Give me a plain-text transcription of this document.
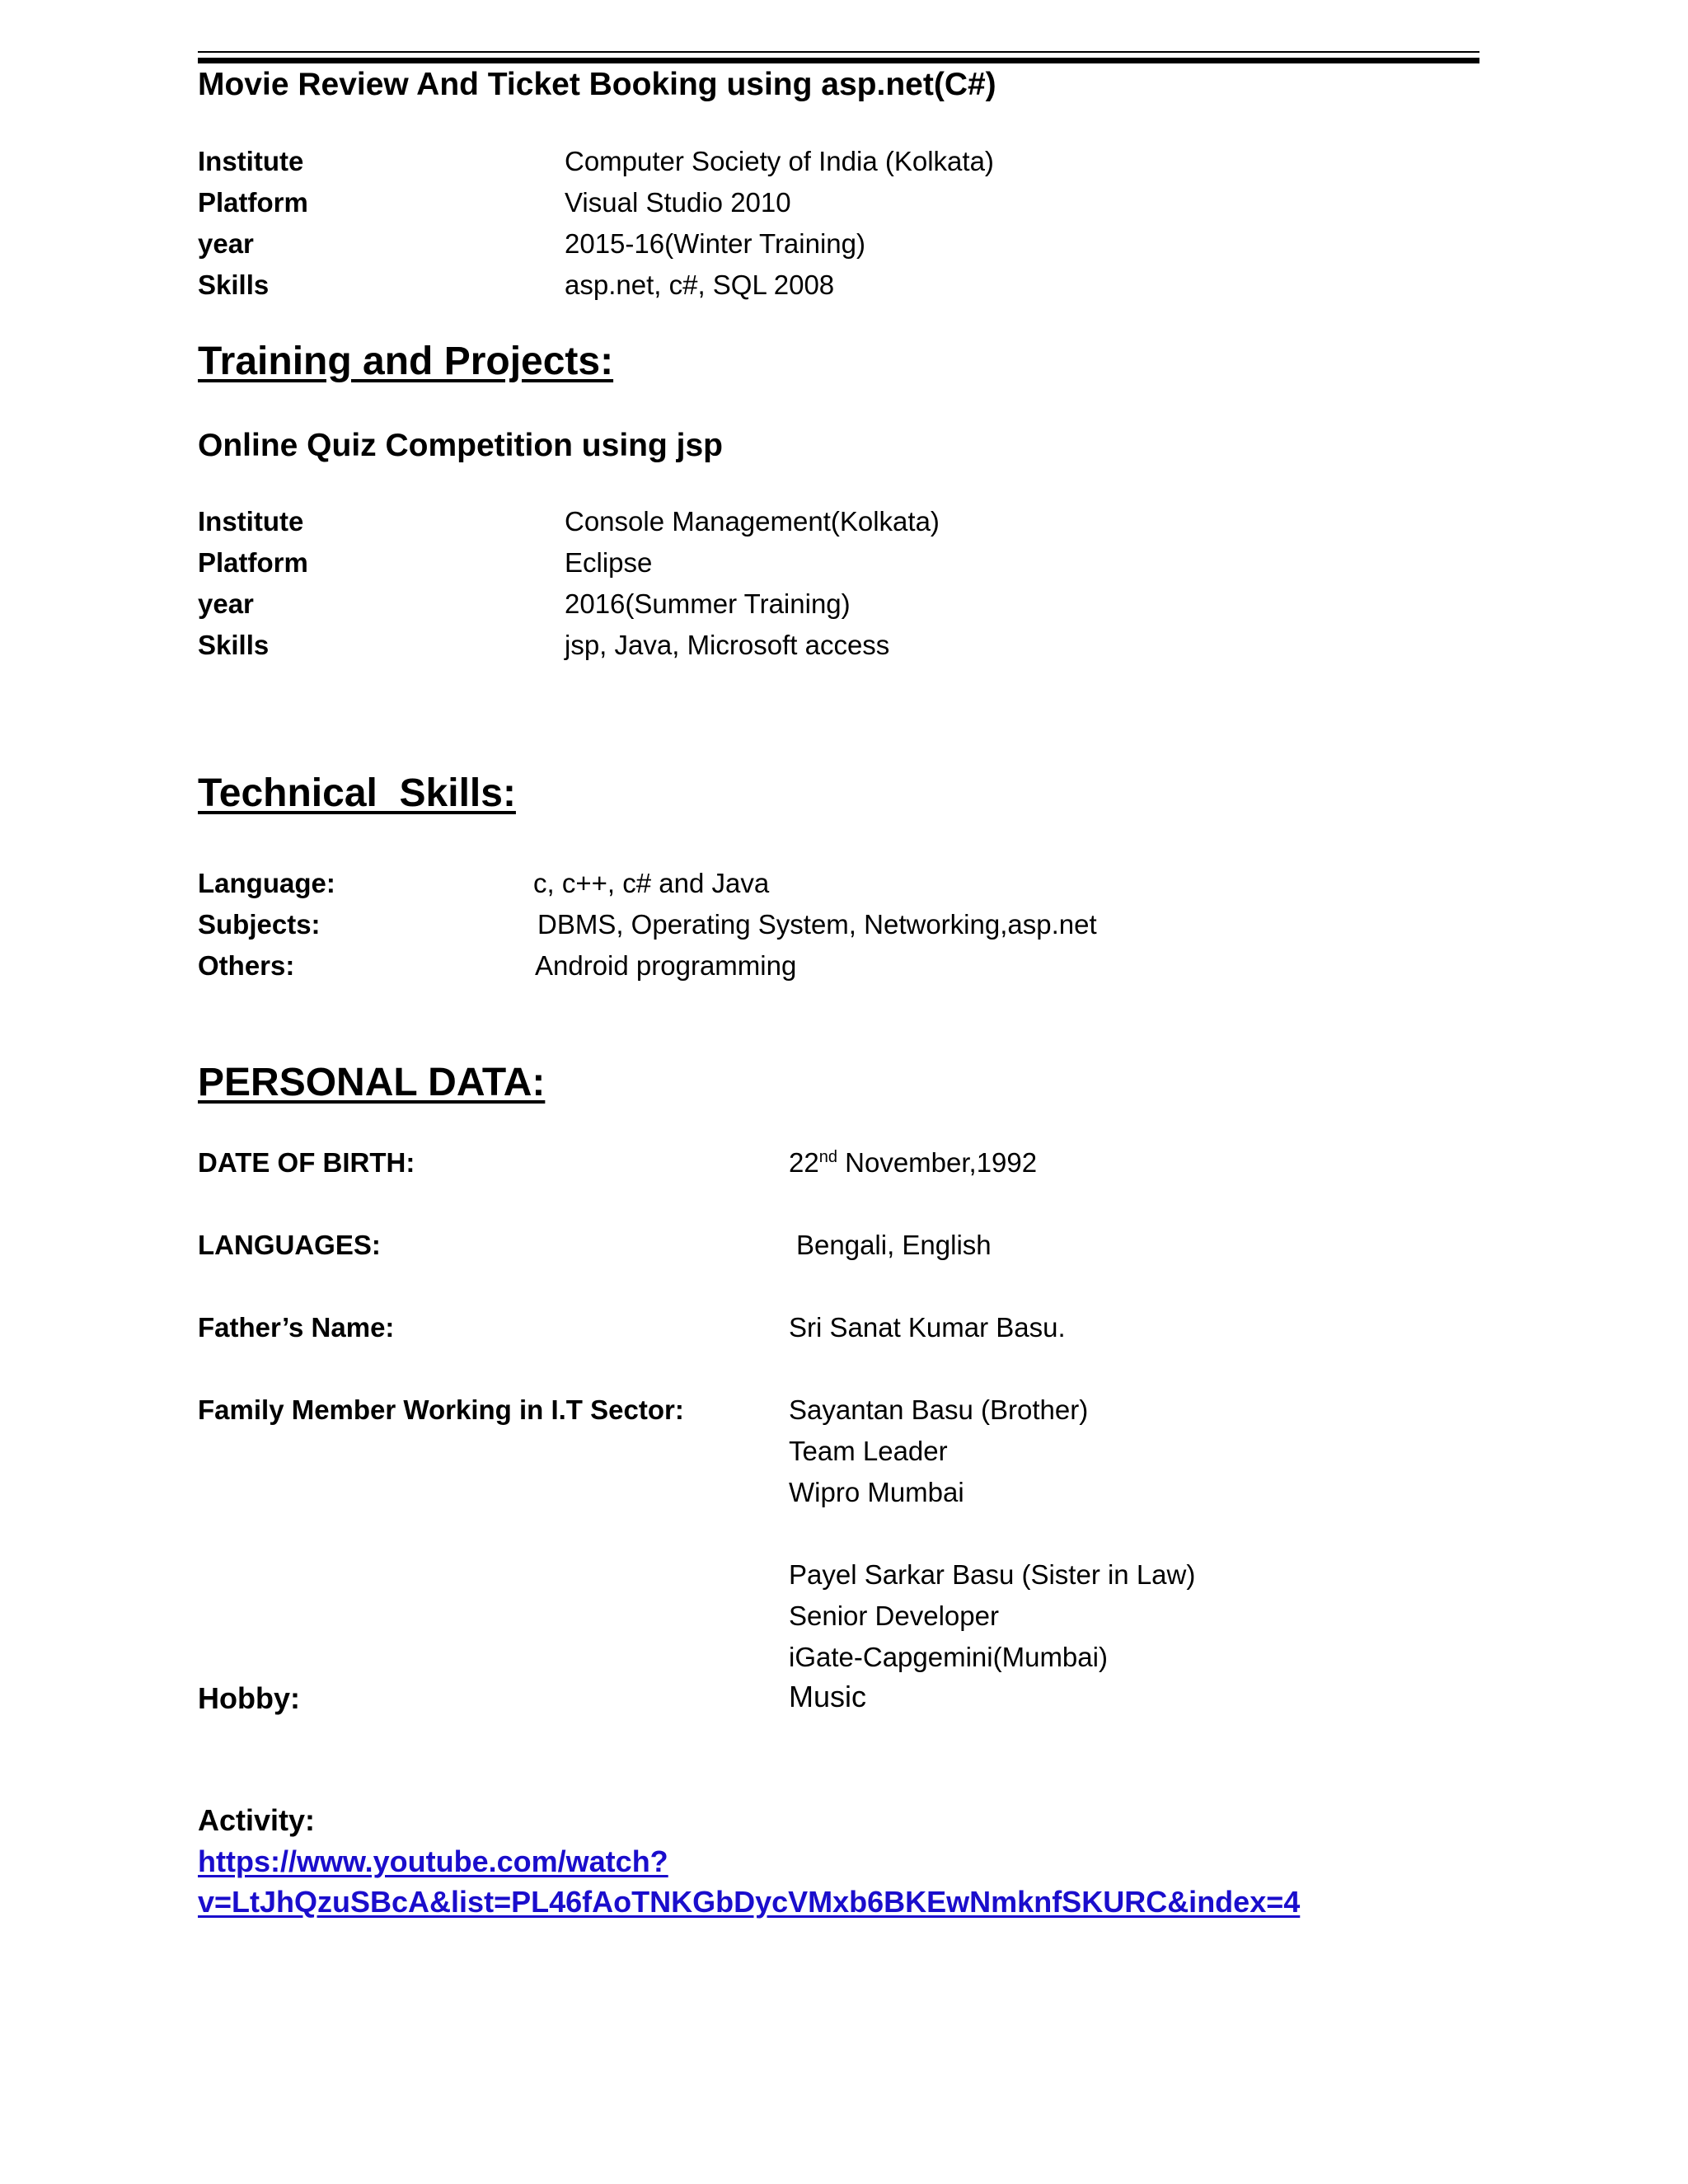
Movie Review And Ticket Booking using asp.net(C#)
Institute	Computer Society of India (Kolkata)
Platform	Visual Studio 2010
year	2015-16(Winter Training)
Skills	asp.net, c#, SQL 2008
Training and Projects:
Online Quiz Competition using jsp
Institute	Console Management(Kolkata)
Platform	Eclipse
year	2016(Summer Training)
Skills	jsp, Java, Microsoft access
Technical  Skills:
Language:	c, c++, c# and Java
Subjects:	DBMS, Operating System, Networking,asp.net
Others:	Android programming
PERSONAL DATA:
DATE OF BIRTH:	22nd November,1992
LANGUAGES:	Bengali, English
Father’s Name:	Sri Sanat Kumar Basu.
Family Member Working in I.T Sector:	Sayantan Basu (Brother)
Team Leader
Wipro Mumbai
Payel Sarkar Basu (Sister in Law)
Senior Developer
iGate-Capgemini(Mumbai)
Hobby:	Music
Activity:
https://www.youtube.com/watch?
v=LtJhQzuSBcA&list=PL46fAoTNKGbDycVMxb6BKEwNmknfSKURC&index=4
